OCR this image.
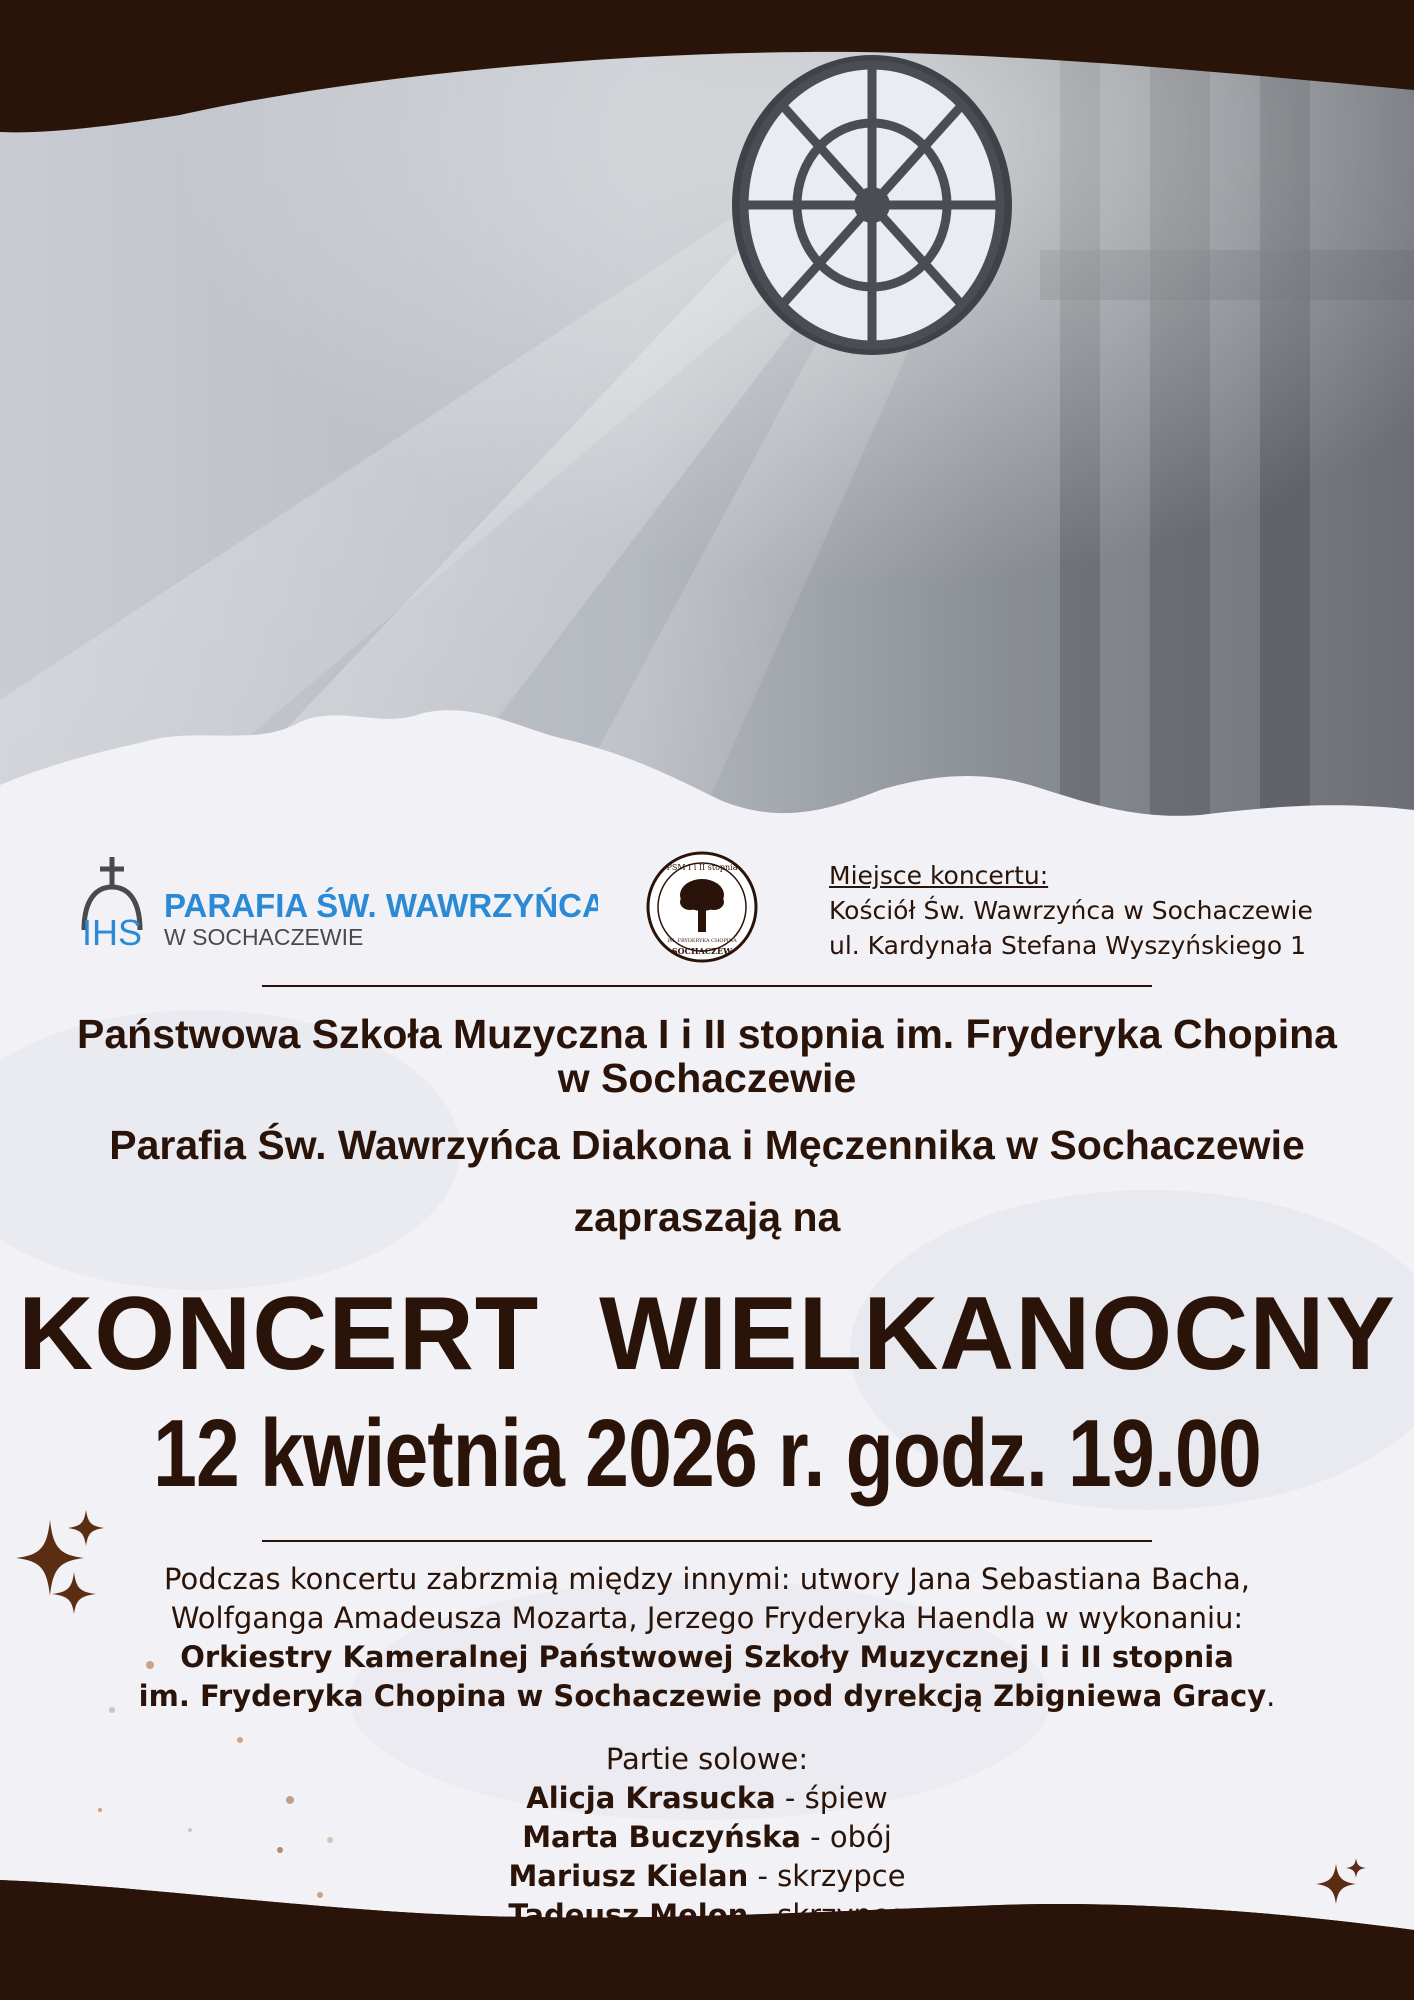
IHS
PARAFIA ŚW. WAWRZYŃCA
W SOCHACZEWIE
PSM I i II stopnia
IM. FRYDERYKA CHOPINA
SOCHACZEW
Miejsce koncertu:
Kościół Św. Wawrzyńca w Sochaczewie
ul. Kardynała Stefana Wyszyńskiego 1
Państwowa Szkoła Muzyczna I i II stopnia im. Fryderyka Chopina
w Sochaczewie
Parafia Św. Wawrzyńca Diakona i Męczennika w Sochaczewie
zapraszają na
KONCERT  WIELKANOCNY
12 kwietnia 2026 r. godz. 19.00
Podczas koncertu zabrzmią między innymi: utwory Jana Sebastiana Bacha,
Wolfganga Amadeusza Mozarta, Jerzego Fryderyka Haendla w wykonaniu:
Orkiestry Kameralnej Państwowej Szkoły Muzycznej I i II stopnia
im. Fryderyka Chopina w Sochaczewie pod dyrekcją Zbigniewa Gracy.
Partie solowe:
Alicja Krasucka - śpiew
Marta Buczyńska - obój
Mariusz Kielan - skrzypce
Tadeusz Melon - skrzypce
